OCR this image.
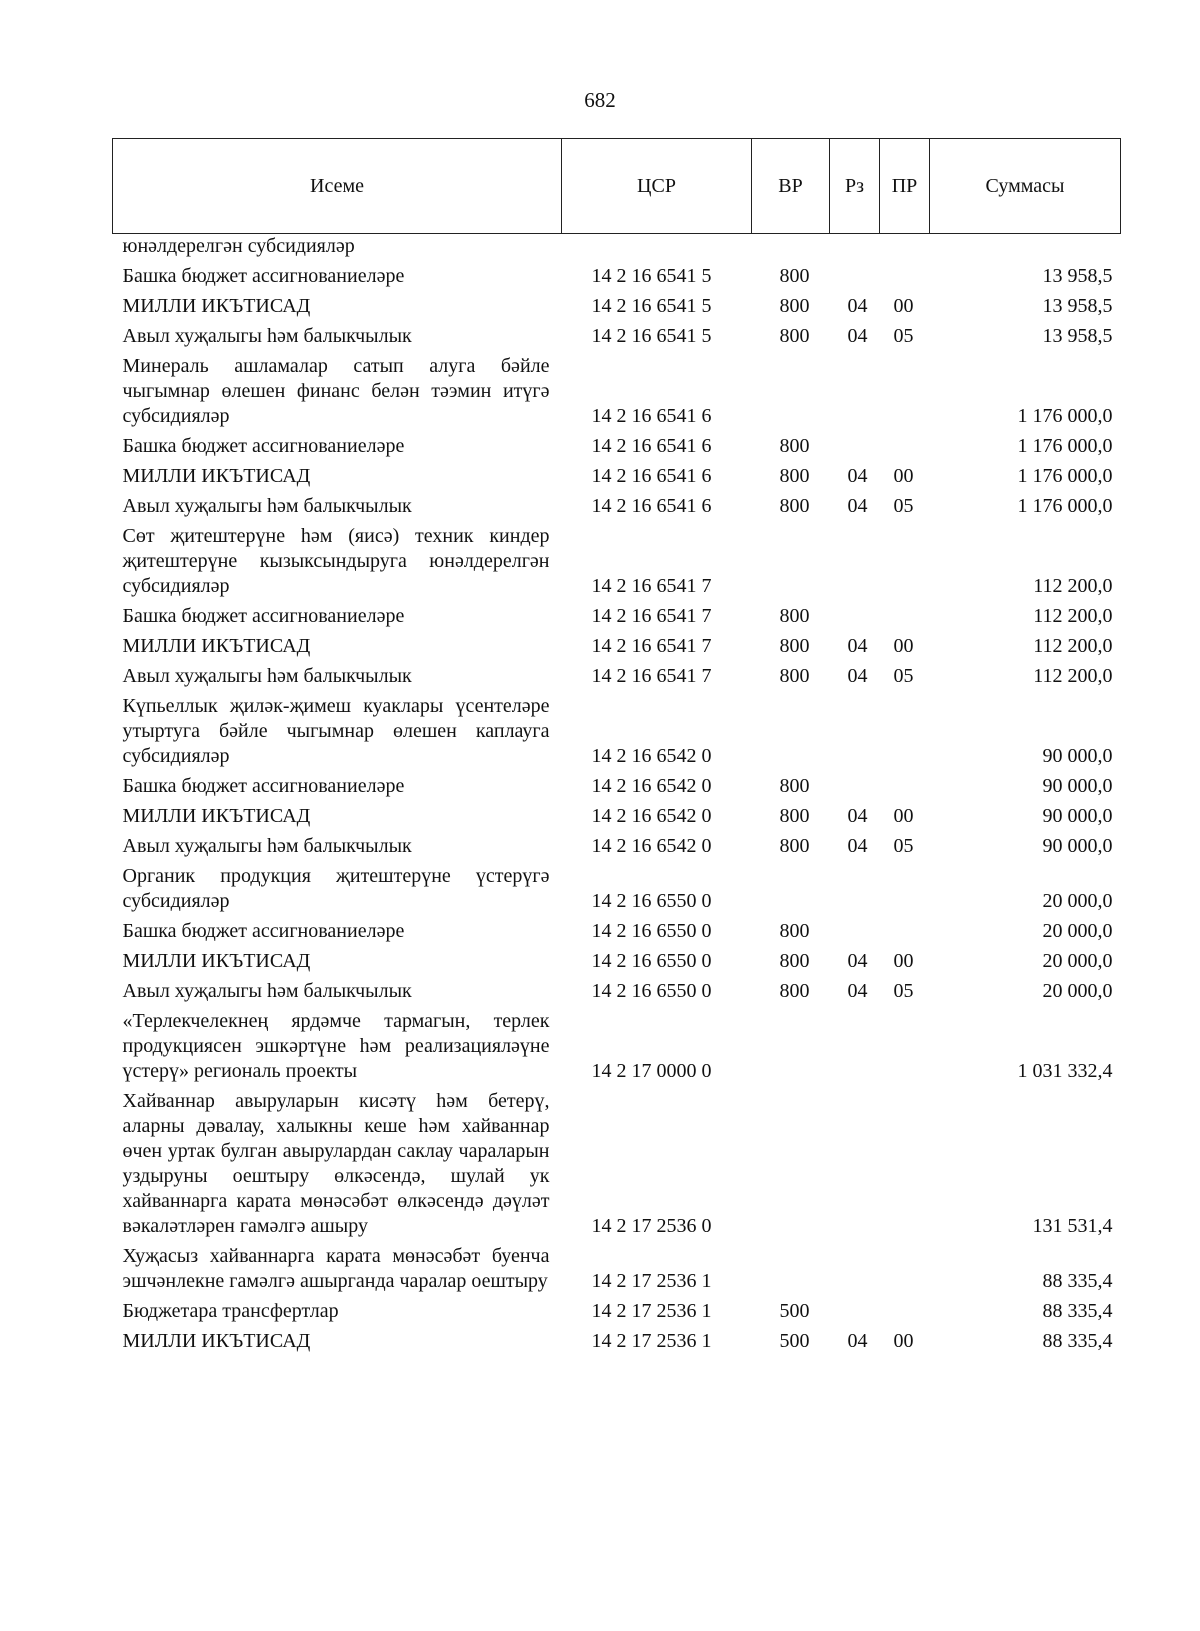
682
Исеме	ЦСР	ВР	Рз	ПР	Суммасы
юнәлдерелгән субсидияләр					
Башка бюджет ассигнованиеләре	14 2 16 6541 5	800			13 958,5
МИЛЛИ ИКЪТИСАД	14 2 16 6541 5	800	04	00	13 958,5
Авыл хуҗалыгы һәм балыкчылык	14 2 16 6541 5	800	04	05	13 958,5
Минераль ашламалар сатып алуга бәйле чыгымнар өлешен финанс белән тәэмин итүгә субсидияләр	14 2 16 6541 6				1 176 000,0
Башка бюджет ассигнованиеләре	14 2 16 6541 6	800			1 176 000,0
МИЛЛИ ИКЪТИСАД	14 2 16 6541 6	800	04	00	1 176 000,0
Авыл хуҗалыгы һәм балыкчылык	14 2 16 6541 6	800	04	05	1 176 000,0
Сөт җитештерүне һәм (яисә) техник киндер җитештерүне кызыксындыруга юнәлдерелгән субсидияләр	14 2 16 6541 7				112 200,0
Башка бюджет ассигнованиеләре	14 2 16 6541 7	800			112 200,0
МИЛЛИ ИКЪТИСАД	14 2 16 6541 7	800	04	00	112 200,0
Авыл хуҗалыгы һәм балыкчылык	14 2 16 6541 7	800	04	05	112 200,0
Күпьеллык җиләк-җимеш куаклары үсентеләре утыртуга бәйле чыгымнар өлешен каплауга субсидияләр	14 2 16 6542 0				90 000,0
Башка бюджет ассигнованиеләре	14 2 16 6542 0	800			90 000,0
МИЛЛИ ИКЪТИСАД	14 2 16 6542 0	800	04	00	90 000,0
Авыл хуҗалыгы һәм балыкчылык	14 2 16 6542 0	800	04	05	90 000,0
Органик продукция җитештерүне үстерүгә субсидияләр	14 2 16 6550 0				20 000,0
Башка бюджет ассигнованиеләре	14 2 16 6550 0	800			20 000,0
МИЛЛИ ИКЪТИСАД	14 2 16 6550 0	800	04	00	20 000,0
Авыл хуҗалыгы һәм балыкчылык	14 2 16 6550 0	800	04	05	20 000,0
«Терлекчелекнең ярдәмче тармагын, терлек продукциясен эшкәртүне һәм реализацияләүне үстерү» региональ проекты	14 2 17 0000 0				1 031 332,4
Хайваннар авыруларын кисәтү һәм бетерү, аларны дәвалау, халыкны кеше һәм хайваннар өчен уртак булган авырулардан саклау чараларын уздыруны оештыру өлкәсендә, шулай ук хайваннарга карата мөнәсәбәт өлкәсендә дәүләт вәкаләтләрен гамәлгә ашыру	14 2 17 2536 0				131 531,4
Хуҗасыз хайваннарга карата мөнәсәбәт буенча эшчәнлекне гамәлгә ашырганда чаралар оештыру	14 2 17 2536 1				88 335,4
Бюджетара трансфертлар	14 2 17 2536 1	500			88 335,4
МИЛЛИ ИКЪТИСАД	14 2 17 2536 1	500	04	00	88 335,4
